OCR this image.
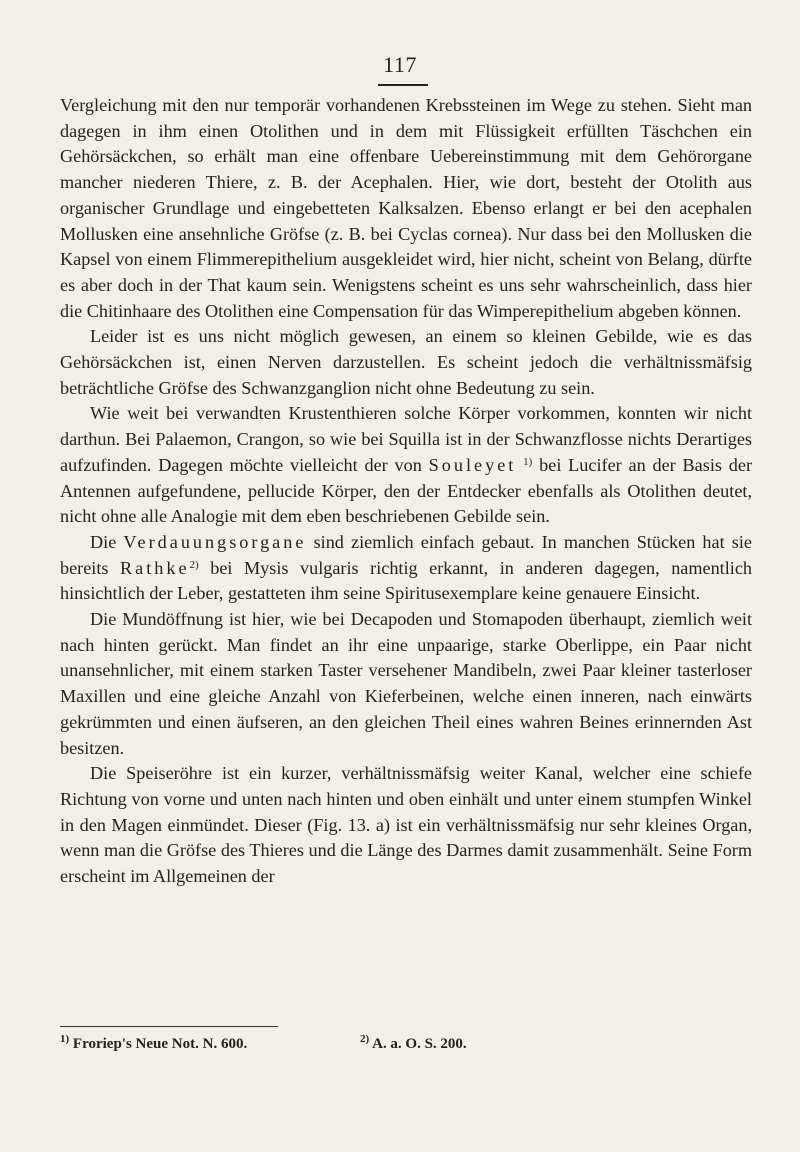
117

Vergleichung mit den nur temporär vorhandenen Krebssteinen im Wege zu stehen. Sieht man dagegen in ihm einen Otolithen und in dem mit Flüssigkeit erfüllten Täschchen ein Gehörsäckchen, so erhält man eine offenbare Uebereinstimmung mit dem Gehörorgane mancher niederen Thiere, z. B. der Acephalen. Hier, wie dort, besteht der Otolith aus organischer Grundlage und eingebetteten Kalksalzen. Ebenso erlangt er bei den acephalen Mollusken eine ansehnliche Gröfse (z. B. bei Cyclas cornea). Nur dass bei den Mollusken die Kapsel von einem Flimmerepithelium ausgekleidet wird, hier nicht, scheint von Belang, dürfte es aber doch in der That kaum sein. Wenigstens scheint es uns sehr wahrscheinlich, dass hier die Chitinhaare des Otolithen eine Compensation für das Wimperepithelium abgeben können.

Leider ist es uns nicht möglich gewesen, an einem so kleinen Gebilde, wie es das Gehörsäckchen ist, einen Nerven darzustellen. Es scheint jedoch die verhältnissmäfsig beträchtliche Gröfse des Schwanzganglion nicht ohne Bedeutung zu sein.

Wie weit bei verwandten Krustenthieren solche Körper vorkommen, konnten wir nicht darthun. Bei Palaemon, Crangon, so wie bei Squilla ist in der Schwanzflosse nichts Derartiges aufzufinden. Dagegen möchte vielleicht der von Souleyet $^{1)}$ bei Lucifer an der Basis der Antennen aufgefundene, pellucide Körper, den der Entdecker ebenfalls als Otolithen deutet, nicht ohne alle Analogie mit dem eben beschriebenen Gebilde sein.

Die Verdauungsorgane sind ziemlich einfach gebaut. In manchen Stücken hat sie bereits Rathke$^{2)}$ bei Mysis vulgaris richtig erkannt, in anderen dagegen, namentlich hinsichtlich der Leber, gestatteten ihm seine Spiritusexemplare keine genauere Einsicht.

Die Mundöffnung ist hier, wie bei Decapoden und Stomapoden überhaupt, ziemlich weit nach hinten gerückt. Man findet an ihr eine unpaarige, starke Oberlippe, ein Paar nicht unansehnlicher, mit einem starken Taster versehener Mandibeln, zwei Paar kleiner tasterloser Maxillen und eine gleiche Anzahl von Kieferbeinen, welche einen inneren, nach einwärts gekrümmten und einen äufseren, an den gleichen Theil eines wahren Beines erinnernden Ast besitzen.

Die Speiseröhre ist ein kurzer, verhältnissmäfsig weiter Kanal, welcher eine schiefe Richtung von vorne und unten nach hinten und oben einhält und unter einem stumpfen Winkel in den Magen einmündet. Dieser (Fig. 13. a) ist ein verhältnissmäfsig nur sehr kleines Organ, wenn man die Gröfse des Thieres und die Länge des Darmes damit zusammenhält. Seine Form erscheint im Allgemeinen der

$^{1)}$ Froriep's Neue Not. N. 600.	$^{2)}$ A. a. O. S. 200.
